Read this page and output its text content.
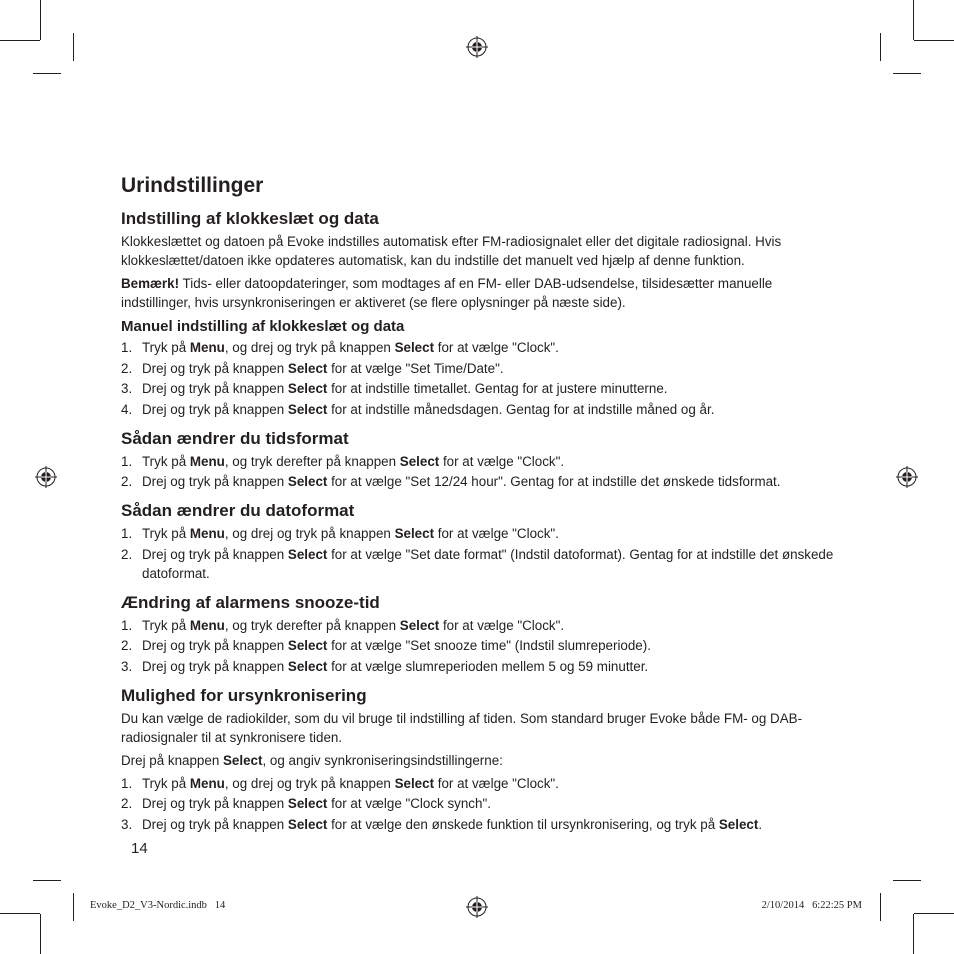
Urindstillinger
Indstilling af klokkeslæt og data

Klokkeslættet og datoen på Evoke indstilles automatisk efter FM-radiosignalet eller det digitale radiosignal. Hvis klokkeslættet/datoen ikke opdateres automatisk, kan du indstille det manuelt ved hjælp af denne funktion.

Bemærk! Tids- eller datoopdateringer, som modtages af en FM- eller DAB-udsendelse, tilsidesætter manuelle indstillinger, hvis ursynkroniseringen er aktiveret (se flere oplysninger på næste side).

Manuel indstilling af klokkeslæt og data
1. Tryk på Menu, og drej og tryk på knappen Select for at vælge "Clock".
2. Drej og tryk på knappen Select for at vælge "Set Time/Date".
3. Drej og tryk på knappen Select for at indstille timetallet. Gentag for at justere minutterne.
4. Drej og tryk på knappen Select for at indstille månedsdagen. Gentag for at indstille måned og år.
Sådan ændrer du tidsformat
1. Tryk på Menu, og tryk derefter på knappen Select for at vælge "Clock".
2. Drej og tryk på knappen Select for at vælge "Set 12/24 hour". Gentag for at indstille det ønskede tidsformat.
Sådan ændrer du datoformat
1. Tryk på Menu, og drej og tryk på knappen Select for at vælge "Clock".
2. Drej og tryk på knappen Select for at vælge "Set date format" (Indstil datoformat). Gentag for at indstille det ønskede datoformat.
Ændring af alarmens snooze-tid
1. Tryk på Menu, og tryk derefter på knappen Select for at vælge "Clock".
2. Drej og tryk på knappen Select for at vælge "Set snooze time" (Indstil slumreperiode).
3. Drej og tryk på knappen Select for at vælge slumreperioden mellem 5 og 59 minutter.
Mulighed for ursynkronisering

Du kan vælge de radiokilder, som du vil bruge til indstilling af tiden. Som standard bruger Evoke både FM- og DAB-radiosignaler til at synkronisere tiden.

Drej på knappen Select, og angiv synkroniseringsindstillingerne:

1. Tryk på Menu, og drej og tryk på knappen Select for at vælge "Clock".
2. Drej og tryk på knappen Select for at vælge "Clock synch".
3. Drej og tryk på knappen Select for at vælge den ønskede funktion til ursynkronisering, og tryk på Select.
14
Evoke_D2_V3-Nordic.indb   14	2/10/2014   6:22:25 PM
